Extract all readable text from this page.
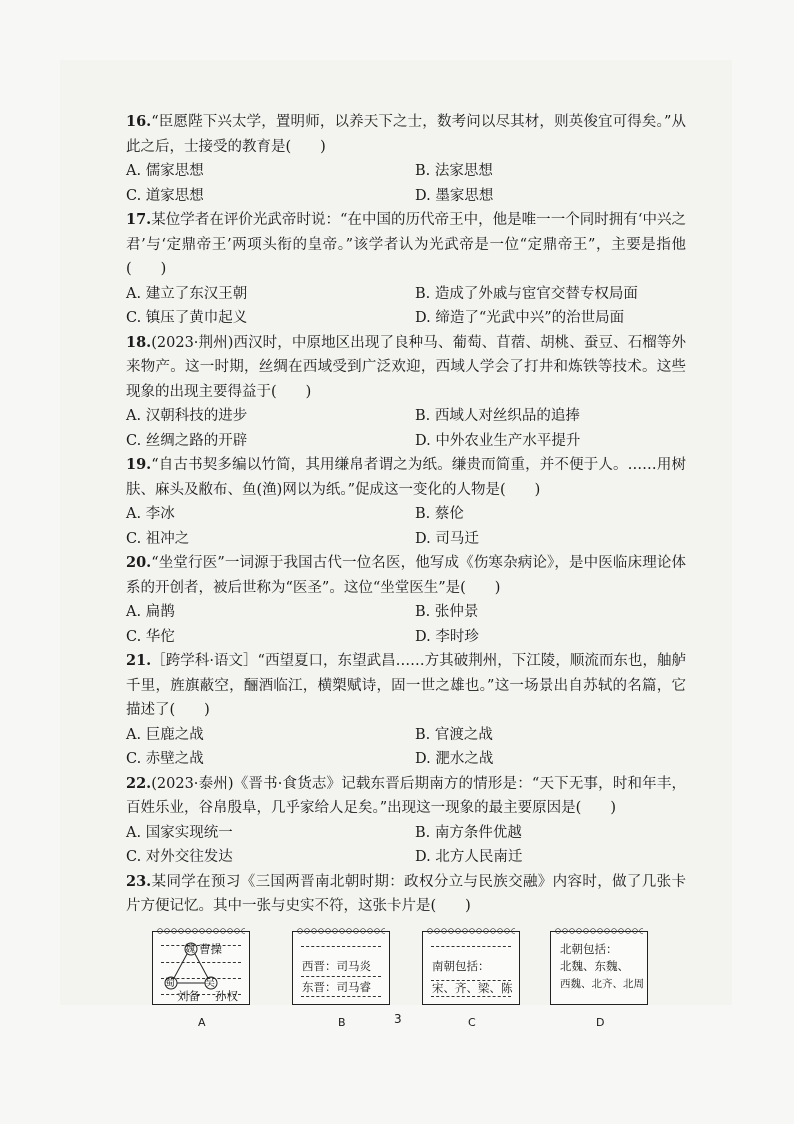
16.“臣愿陛下兴太学，置明师，以养天下之士，数考问以尽其材，则英俊宜可得矣。”从此之后，士接受的教育是(　　)

A. 儒家思想	B. 法家思想
C. 道家思想	D. 墨家思想

17.某位学者在评价光武帝时说：“在中国的历代帝王中，他是唯一一个同时拥有‘中兴之君’与‘定鼎帝王’两项头衔的皇帝。”该学者认为光武帝是一位“定鼎帝王”，主要是指他(　　)

A. 建立了东汉王朝	B. 造成了外戚与宦官交替专权局面
C. 镇压了黄巾起义	D. 缔造了“光武中兴”的治世局面

18.(2023·荆州)西汉时，中原地区出现了良种马、葡萄、苜蓿、胡桃、蚕豆、石榴等外来物产。这一时期，丝绸在西域受到广泛欢迎，西域人学会了打井和炼铁等技术。这些现象的出现主要得益于(　　)

A. 汉朝科技的进步	B. 西域人对丝织品的追捧
C. 丝绸之路的开辟	D. 中外农业生产水平提升

19.“自古书契多编以竹简，其用缣帛者谓之为纸。缣贵而简重，并不便于人。……用树肤、麻头及敝布、鱼(渔)网以为纸。”促成这一变化的人物是(　　)

A. 李冰	B. 蔡伦
C. 祖冲之	D. 司马迁

20.“坐堂行医”一词源于我国古代一位名医，他写成《伤寒杂病论》，是中医临床理论体系的开创者，被后世称为“医圣”。这位“坐堂医生”是(　　)

A. 扁鹊	B. 张仲景
C. 华佗	D. 李时珍

21.［跨学科·语文］“西望夏口，东望武昌……方其破荆州，下江陵，顺流而东也，舳舻千里，旌旗蔽空，酾酒临江，横槊赋诗，固一世之雄也。”这一场景出自苏轼的名篇，它描述了(　　)

A. 巨鹿之战	B. 官渡之战
C. 赤壁之战	D. 淝水之战

22.(2023·泰州)《晋书·食货志》记载东晋后期南方的情形是：“天下无事，时和年丰，百姓乐业，谷帛殷阜，几乎家给人足矣。”出现这一现象的最主要原因是(　　)

A. 国家实现统一	B. 南方条件优越
C. 对外交往发达	D. 北方人民南迁

23.某同学在预习《三国两晋南北朝时期：政权分立与民族交融》内容时，做了几张卡片方便记忆。其中一张与史实不符，这张卡片是(　　)

魏 曹操
蜀	吴
刘备 孙权
A
西晋：司马炎
东晋：司马睿
B
南朝包括：
宋、齐、梁、陈
C
北朝包括：
北魏、东魏、
西魏、北齐、北周
D
3
